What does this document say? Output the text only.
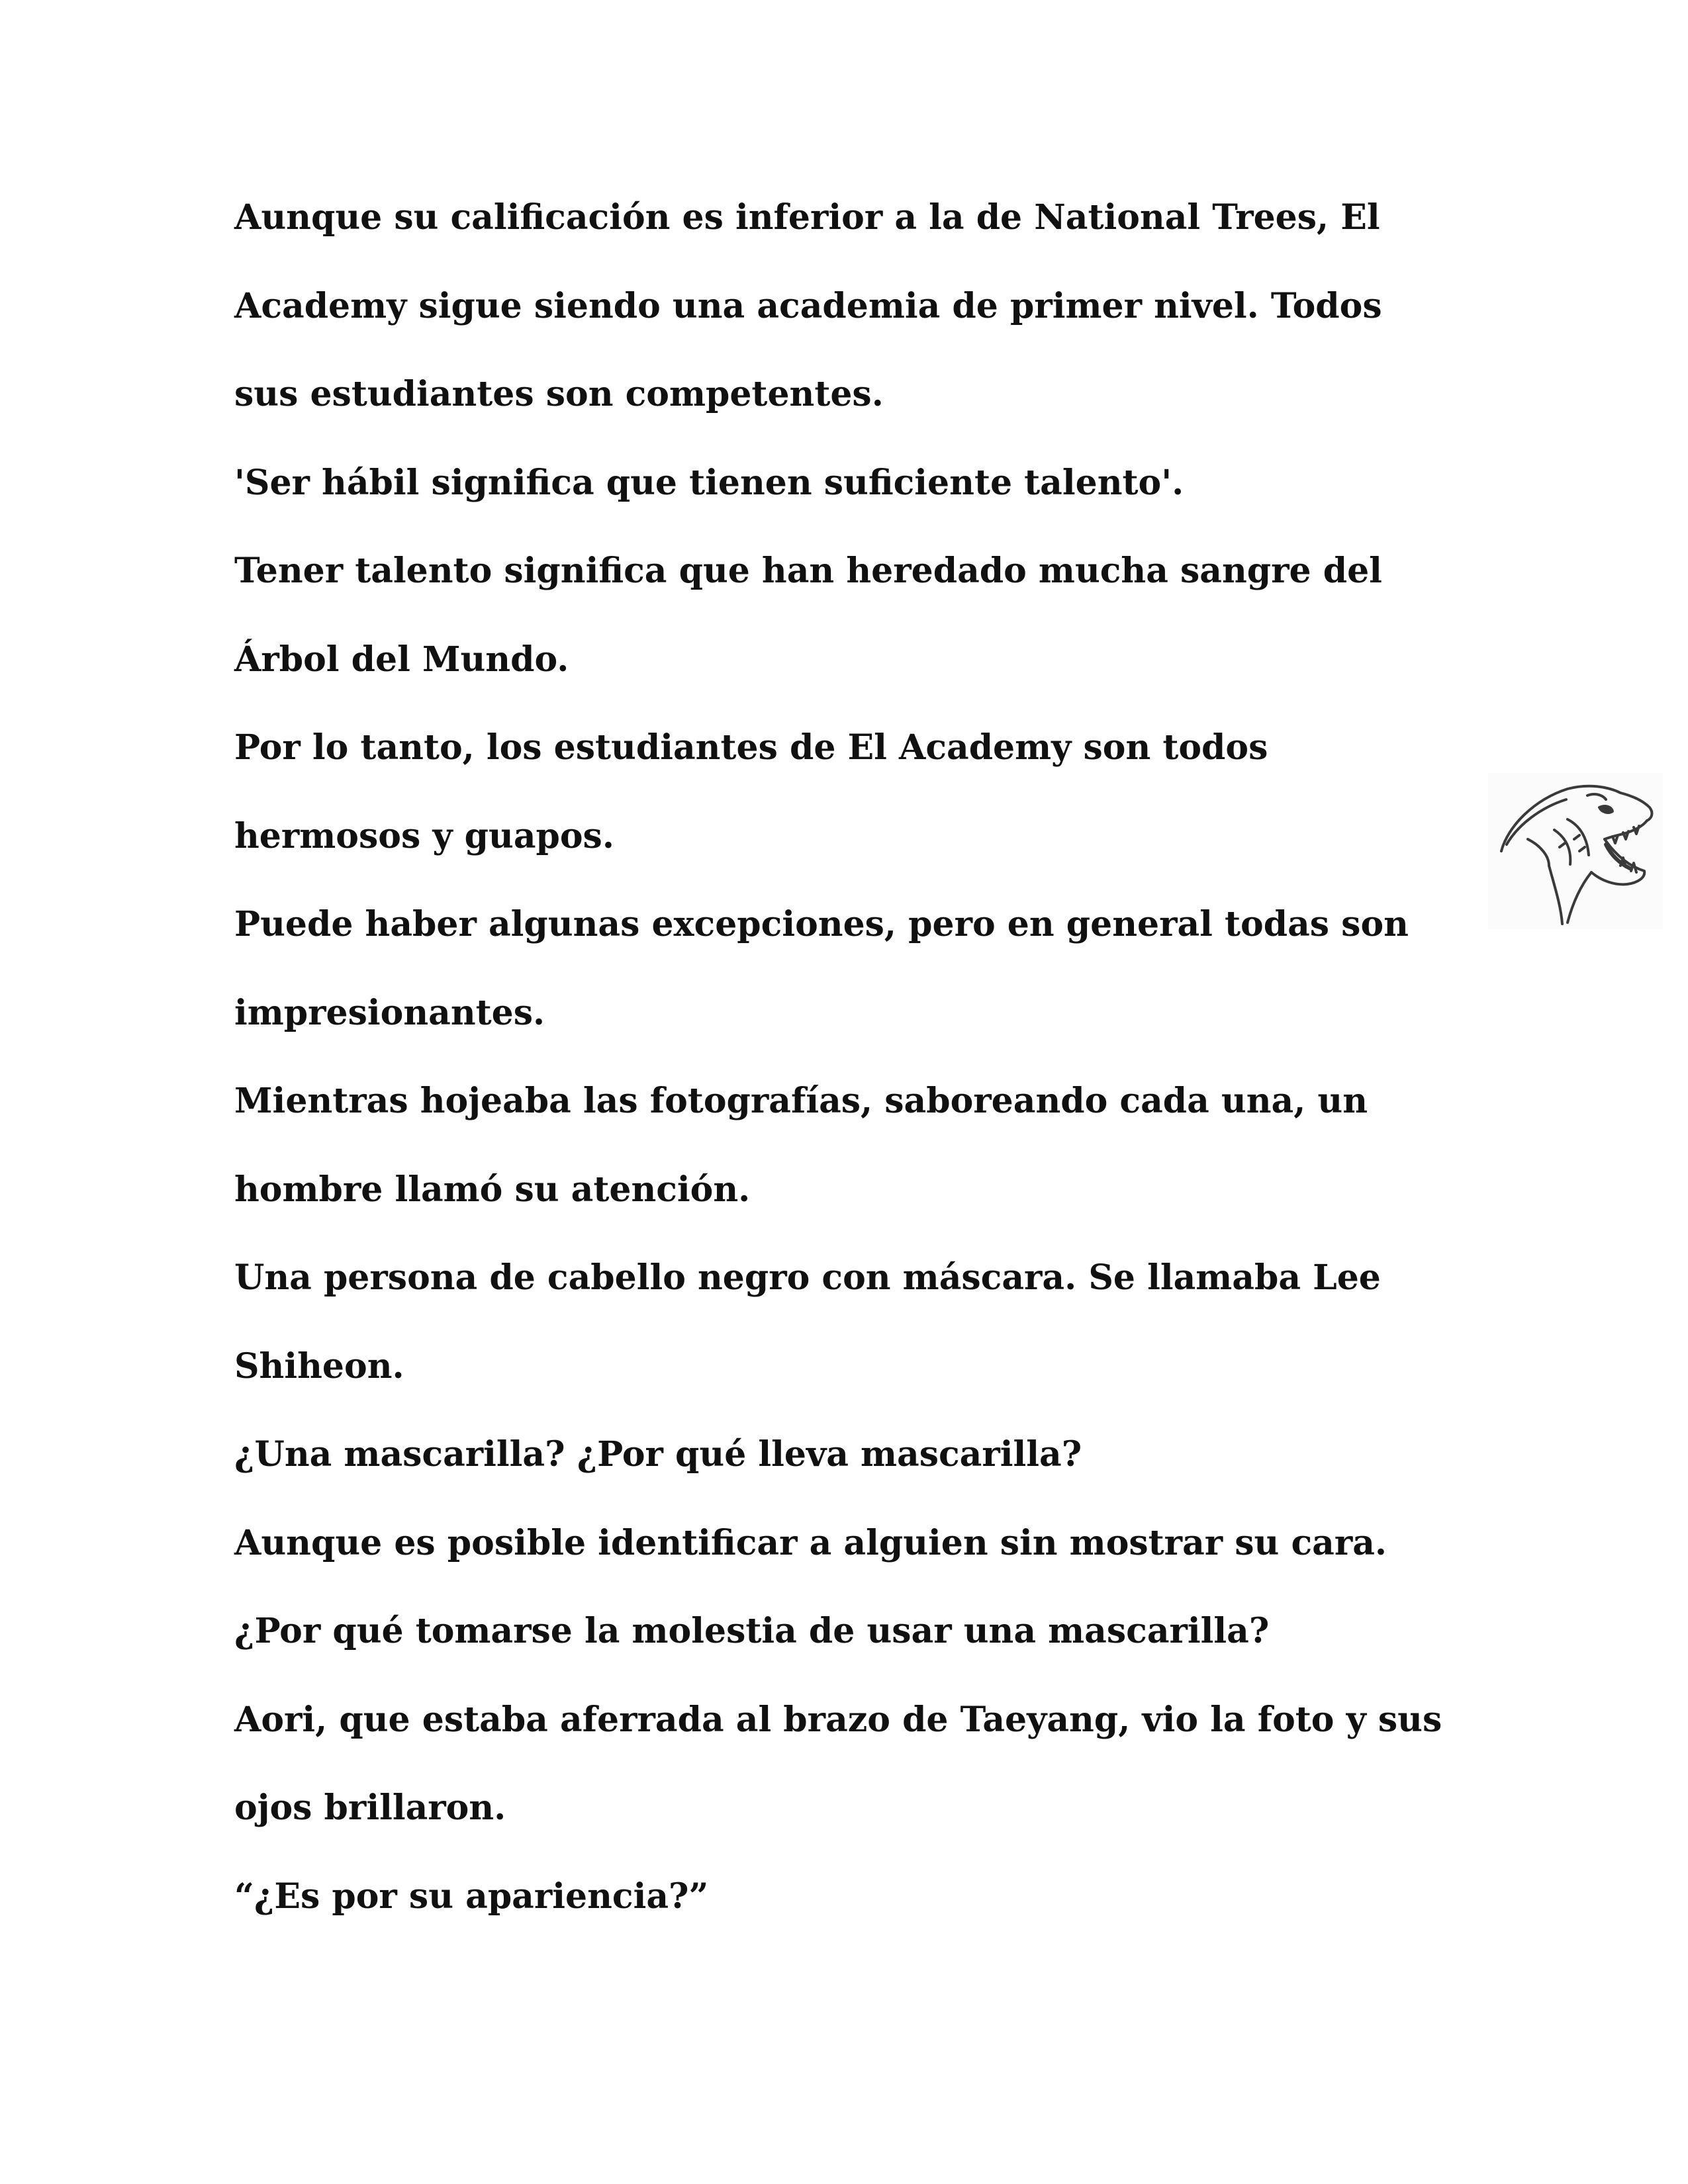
Aunque su calificación es inferior a la de National Trees, El
Academy sigue siendo una academia de primer nivel. Todos
sus estudiantes son competentes.
'Ser hábil significa que tienen suficiente talento'.
Tener talento significa que han heredado mucha sangre del
Árbol del Mundo.
Por lo tanto, los estudiantes de El Academy son todos
hermosos y guapos.
Puede haber algunas excepciones, pero en general todas son
impresionantes.
Mientras hojeaba las fotografías, saboreando cada una, un
hombre llamó su atención.
Una persona de cabello negro con máscara. Se llamaba Lee
Shiheon.
¿Una mascarilla? ¿Por qué lleva mascarilla?
Aunque es posible identificar a alguien sin mostrar su cara.
¿Por qué tomarse la molestia de usar una mascarilla?
Aori, que estaba aferrada al brazo de Taeyang, vio la foto y sus
ojos brillaron.
“¿Es por su apariencia?”
